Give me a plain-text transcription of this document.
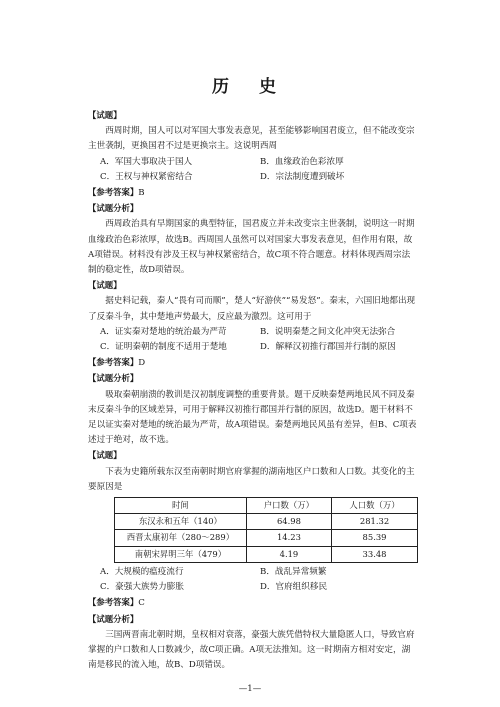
历 史

【试题】

西周时期，国人可以对军国大事发表意见，甚至能够影响国君废立，但不能改变宗主世袭制，更换国君不过是更换宗主。这说明西周

A．军国大事取决于国人	B．血缘政治色彩浓厚
C．王权与神权紧密结合	D．宗法制度遭到破坏

【参考答案】B

【试题分析】

西周政治具有早期国家的典型特征，国君废立并未改变宗主世袭制，说明这一时期血缘政治色彩浓厚，故选B。西周国人虽然可以对国家大事发表意见，但作用有限，故A项错误。材料没有涉及王权与神权紧密结合，故C项不符合题意。材料体现西周宗法制的稳定性，故D项错误。

【试题】

据史料记载，秦人“畏有司而顺”，楚人“好游侠”“易发怒”。秦末，六国旧地都出现了反秦斗争，其中楚地声势最大，反应最为激烈。这可用于

A．证实秦对楚地的统治最为严苛	B．说明秦楚之间文化冲突无法弥合
C．证明秦朝的制度不适用于楚地	D．解释汉初推行郡国并行制的原因

【参考答案】D

【试题分析】

吸取秦朝崩溃的教训是汉初制度调整的重要背景。题干反映秦楚两地民风不同及秦末反秦斗争的区域差异，可用于解释汉初推行郡国并行制的原因，故选D。题干材料不足以证实秦对楚地的统治最为严苛，故A项错误。秦楚两地民风虽有差异，但B、C项表述过于绝对，故不选。

【试题】

下表为史籍所载东汉至南朝时期官府掌握的湖南地区户口数和人口数。其变化的主要原因是

时间	户口数（万）	人口数（万）
东汉永和五年（140）	64.98	281.32
西晋太康初年（280～289）	14.23	85.39
南朝宋昇明三年（479）	4.19	33.48
A．大规模的瘟疫流行	B．战乱异常频繁
C．豪强大族势力膨胀	D．官府组织移民

【参考答案】C

【试题分析】

三国两晋南北朝时期，皇权相对衰落，豪强大族凭借特权大量隐匿人口，导致官府掌握的户口数和人口数减少，故C项正确。A项无法推知。这一时期南方相对安定，湖南是移民的流入地，故B、D项错误。

—1—
